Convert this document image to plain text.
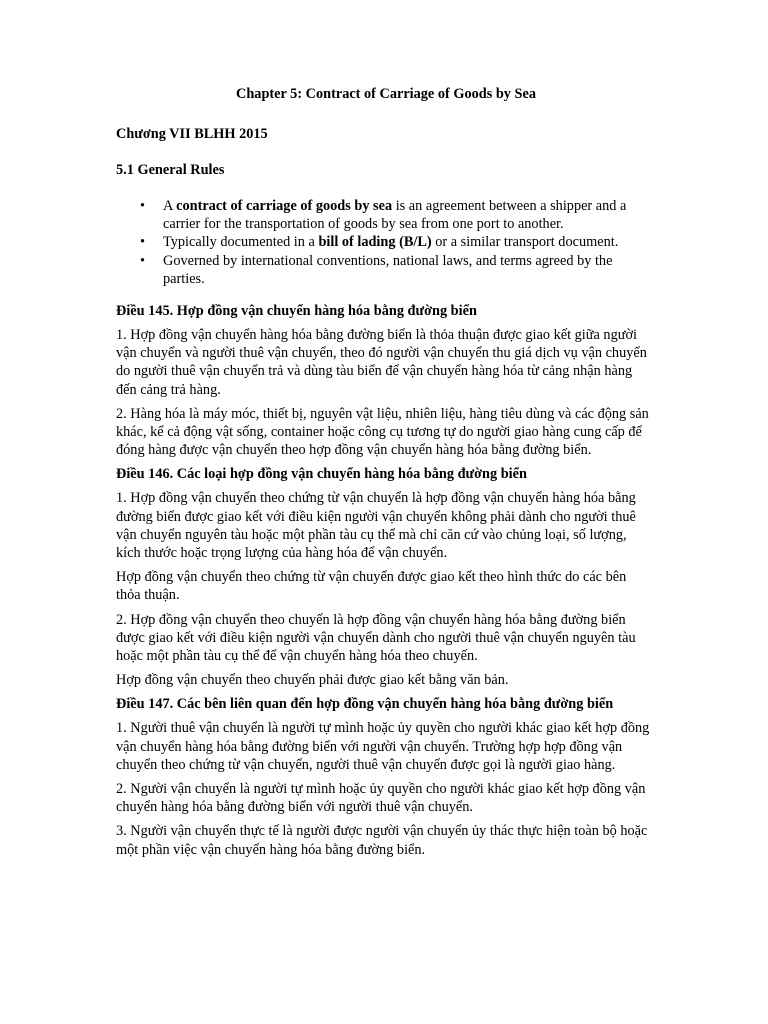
Chapter 5: Contract of Carriage of Goods by Sea
Chương VII BLHH 2015
5.1 General Rules
• A contract of carriage of goods by sea is an agreement between a shipper and a carrier for the transportation of goods by sea from one port to another.
• Typically documented in a bill of lading (B/L) or a similar transport document.
• Governed by international conventions, national laws, and terms agreed by the parties.
Điều 145. Hợp đồng vận chuyển hàng hóa bằng đường biển

1. Hợp đồng vận chuyển hàng hóa bằng đường biển là thỏa thuận được giao kết giữa người vận chuyển và người thuê vận chuyển, theo đó người vận chuyển thu giá dịch vụ vận chuyển do người thuê vận chuyển trả và dùng tàu biển để vận chuyển hàng hóa từ cảng nhận hàng đến cảng trả hàng.

2. Hàng hóa là máy móc, thiết bị, nguyên vật liệu, nhiên liệu, hàng tiêu dùng và các động sản khác, kể cả động vật sống, container hoặc công cụ tương tự do người giao hàng cung cấp để đóng hàng được vận chuyển theo hợp đồng vận chuyển hàng hóa bằng đường biển.

Điều 146. Các loại hợp đồng vận chuyển hàng hóa bằng đường biển

1. Hợp đồng vận chuyển theo chứng từ vận chuyển là hợp đồng vận chuyển hàng hóa bằng đường biển được giao kết với điều kiện người vận chuyển không phải dành cho người thuê vận chuyển nguyên tàu hoặc một phần tàu cụ thể mà chỉ căn cứ vào chủng loại, số lượng, kích thước hoặc trọng lượng của hàng hóa để vận chuyển.

Hợp đồng vận chuyển theo chứng từ vận chuyển được giao kết theo hình thức do các bên thỏa thuận.

2. Hợp đồng vận chuyển theo chuyến là hợp đồng vận chuyển hàng hóa bằng đường biển được giao kết với điều kiện người vận chuyển dành cho người thuê vận chuyển nguyên tàu hoặc một phần tàu cụ thể để vận chuyển hàng hóa theo chuyến.

Hợp đồng vận chuyển theo chuyến phải được giao kết bằng văn bản.

Điều 147. Các bên liên quan đến hợp đồng vận chuyển hàng hóa bằng đường biển

1. Người thuê vận chuyển là người tự mình hoặc ủy quyền cho người khác giao kết hợp đồng vận chuyển hàng hóa bằng đường biển với người vận chuyển. Trường hợp hợp đồng vận chuyển theo chứng từ vận chuyển, người thuê vận chuyển được gọi là người giao hàng.

2. Người vận chuyển là người tự mình hoặc ủy quyền cho người khác giao kết hợp đồng vận chuyển hàng hóa bằng đường biển với người thuê vận chuyển.

3. Người vận chuyển thực tế là người được người vận chuyển ủy thác thực hiện toàn bộ hoặc một phần việc vận chuyển hàng hóa bằng đường biển.
